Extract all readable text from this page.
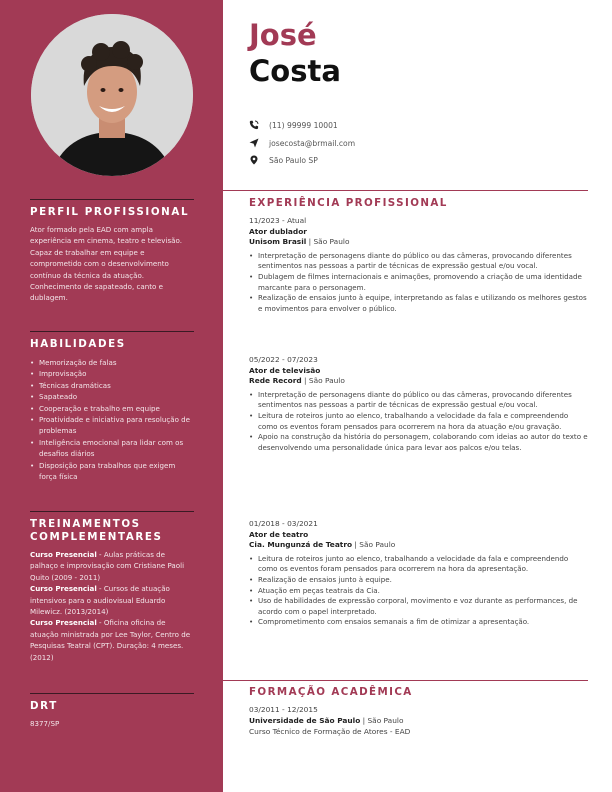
PERFIL PROFISSIONAL
Ator formado pela EAD com ampla experiência em cinema, teatro e televisão. Capaz de trabalhar em equipe e comprometido com o desenvolvimento contínuo da técnica da atuação. Conhecimento de sapateado, canto e dublagem.
HABILIDADES
• Memorização de falas
• Improvisação
• Técnicas dramáticas
• Sapateado
• Cooperação e trabalho em equipe
• Proatividade e iniciativa para resolução de problemas
• Inteligência emocional para lidar com os desafios diários
• Disposição para trabalhos que exigem força física
TREINAMENTOS COMPLEMENTARES
Curso Presencial - Aulas práticas de palhaço e improvisação com Cristiane Paoli Quito (2009 - 2011)
Curso Presencial - Cursos de atuação intensivos para o audiovisual Eduardo Milewicz. (2013/2014)
Curso Presencial - Oficina oficina de atuação ministrada por Lee Taylor, Centro de Pesquisas Teatral (CPT). Duração: 4 meses. (2012)
DRT
8377/SP
José
Costa
(11) 99999 10001
josecosta@brmail.com
São Paulo SP
EXPERIÊNCIA PROFISSIONAL
11/2023 - Atual
Ator dublador
Unisom Brasil | São Paulo
• Interpretação de personagens diante do público ou das câmeras, provocando diferentes sentimentos nas pessoas a partir de técnicas de expressão gestual e/ou vocal.
• Dublagem de filmes internacionais e animações, promovendo a criação de uma identidade marcante para o personagem.
• Realização de ensaios junto à equipe, interpretando as falas e utilizando os melhores gestos e movimentos para envolver o público.
05/2022 - 07/2023
Ator de televisão
Rede Record | São Paulo
• Interpretação de personagens diante do público ou das câmeras, provocando diferentes sentimentos nas pessoas a partir de técnicas de expressão gestual e/ou vocal.
• Leitura de roteiros junto ao elenco, trabalhando a velocidade da fala e compreendendo como os eventos foram pensados para ocorrerem na hora da atuação e/ou gravação.
• Apoio na construção da história do personagem, colaborando com ideias ao autor do texto e desenvolvendo uma personalidade única para levar aos palcos e/ou telas.
01/2018 - 03/2021
Ator de teatro
Cia. Mungunzá de Teatro | São Paulo
• Leitura de roteiros junto ao elenco, trabalhando a velocidade da fala e compreendendo como os eventos foram pensados para ocorrerem na hora da apresentação.
• Realização de ensaios junto à equipe.
• Atuação em peças teatrais da Cia.
• Uso de habilidades de expressão corporal, movimento e voz durante as performances, de acordo com o papel interpretado.
• Comprometimento com ensaios semanais a fim de otimizar a apresentação.
FORMAÇÃO ACADÊMICA
03/2011 - 12/2015
Universidade de São Paulo | São Paulo
Curso Técnico de Formação de Atores - EAD
